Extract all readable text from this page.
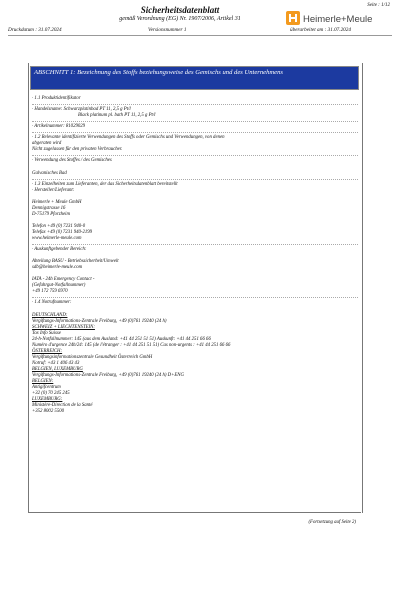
Seite : 1/12
Sicherheitsdatenblatt
gemäß Verordnung (EG) Nr. 1907/2006, Artikel 31	Heimerle+Meule
Druckdatum : 31.07.2024	Versionsnummer 1	überarbeitet am : 31.07.2024
ABSCHNITT 1: Bezeichnung des Stoffs beziehungsweise des Gemischs und des Unternehmens
· 1.1 Produktidentifikator
· Handelsname: Schwarzplatinbad PT 11, 2,5 g Pt/l
Black platinum pl. bath PT 11, 2,5 g Pt/l
· Artikelnummer: 81029029
· 1.2 Relevante identifizierte Verwendungen des Stoffs oder Gemischs und Verwendungen, von denen
abgeraten wird
Nicht zugelassen für den privaten Verbraucher.
· Verwendung des Stoffes / des Gemisches
Galvanisches Bad
· 1.3 Einzelheiten zum Lieferanten, der das Sicherheitsdatenblatt bereitstellt
· Hersteller/Lieferant:
Heimerle + Meule GmbH
Dennigstrasse 16
D-75179 Pforzheim
Telefon +49 (0) 7231 940-0
Telefax +49 (0) 7231 940-2199
www.heimerle-meule.com
· Auskunftgebender Bereich:
Abteilung BASU - Betriebssicherheit/Umwelt
sdb@heimerle-meule.com
IATA - 24h Emergency Contact -
(Gefahrgut-Notfallnummer)
+49 172 759 6970
· 1.4 Notrufnummer:
DEUTSCHLAND:
Vergiftungs-Informations-Zentrale Freiburg, +49 (0)761 19240 (24 h)
SCHWEIZ + LIECHTENSTEIN:
Tox Info Suisse
24-h-Notfallnummer: 145 (aus dem Ausland: +41 44 251 51 51) Auskunft: +41 44 251 66 66
Numéro d'urgence 24h/24: 145 (de l'étranger : +41 44 251 51 51) Cas non-urgents : +41 44 251 66 66
ÖSTERREICH:
Vergiftungsinformationszentrale Gesundheit Österreich GmbH
Notruf: +43 1 406 43 43
BELGIEN, LUXEMBURG
Vergiftungs-Informations-Zentrale Freiburg, +49 (0)761 19240 (24 h) D+ENG
BELGIEN:
Antigifcentrum
+32 (0) 70 245 245
LUXEMBURG:
Ministère-Direction de la Santé
+352 8002 5500
(Fortsetzung auf Seite 2)
